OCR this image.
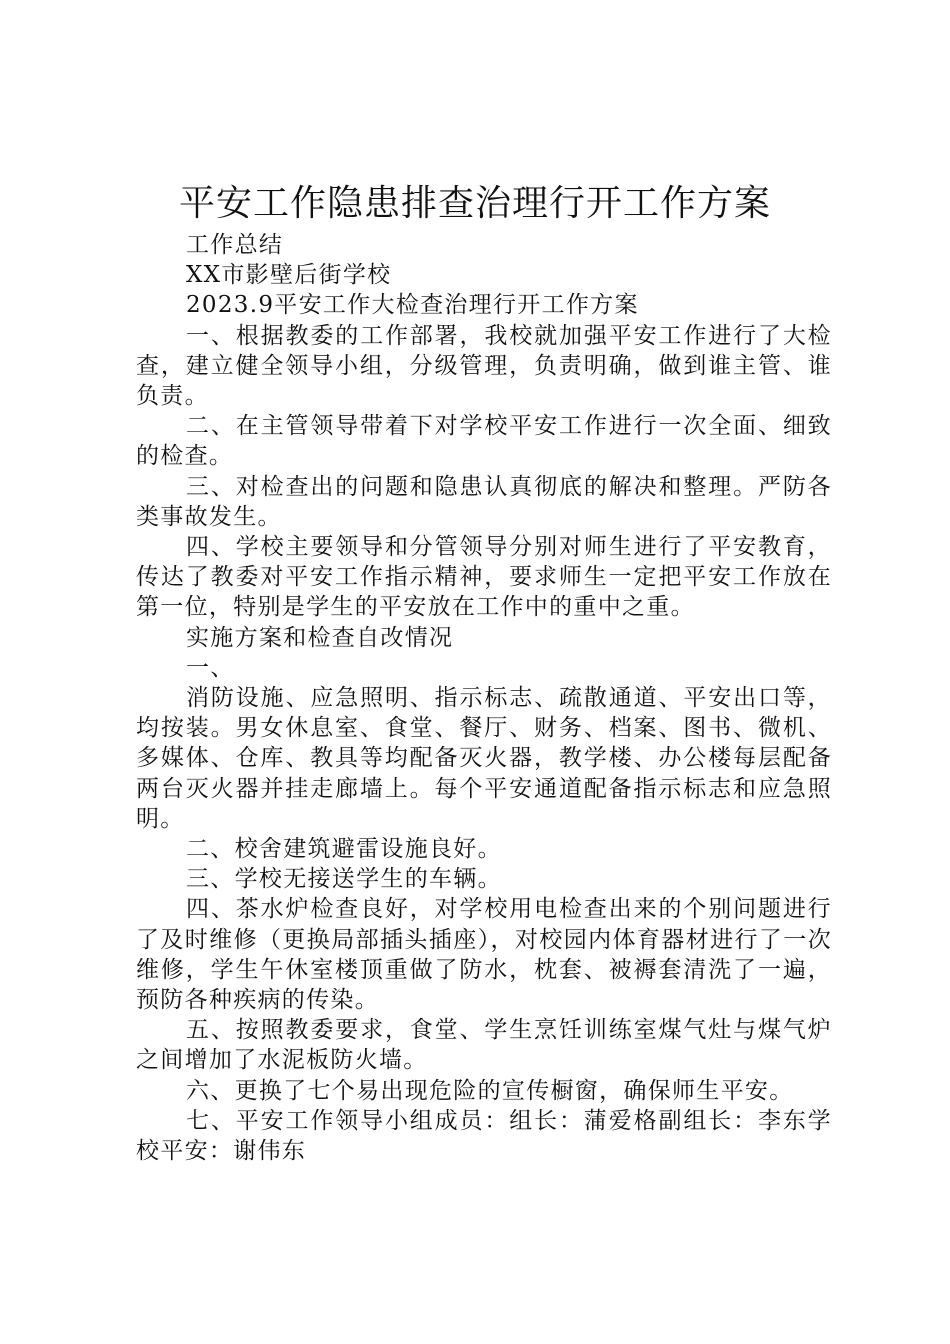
平安工作隐患排查治理行开工作方案

工作总结

XX市影壁后街学校

2023.9平安工作大检查治理行开工作方案

一、根据教委的工作部署，我校就加强平安工作进行了大检查，建立健全领导小组，分级管理，负责明确，做到谁主管、谁负责。

二、在主管领导带着下对学校平安工作进行一次全面、细致的检查。

三、对检查出的问题和隐患认真彻底的解决和整理。严防各类事故发生。

四、学校主要领导和分管领导分别对师生进行了平安教育，传达了教委对平安工作指示精神，要求师生一定把平安工作放在第一位，特别是学生的平安放在工作中的重中之重。

实施方案和检查自改情况

一、

消防设施、应急照明、指示标志、疏散通道、平安出口等，均按装。男女休息室、食堂、餐厅、财务、档案、图书、微机、多媒体、仓库、教具等均配备灭火器，教学楼、办公楼每层配备两台灭火器并挂走廊墙上。每个平安通道配备指示标志和应急照明。

二、校舍建筑避雷设施良好。

三、学校无接送学生的车辆。

四、茶水炉检查良好，对学校用电检查出来的个别问题进行了及时维修（更换局部插头插座），对校园内体育器材进行了一次维修，学生午休室楼顶重做了防水，枕套、被褥套清洗了一遍，预防各种疾病的传染。

五、按照教委要求，食堂、学生烹饪训练室煤气灶与煤气炉之间增加了水泥板防火墙。

六、更换了七个易出现危险的宣传橱窗，确保师生平安。

七、平安工作领导小组成员：组长：蒲爱格副组长：李东学校平安：谢伟东
